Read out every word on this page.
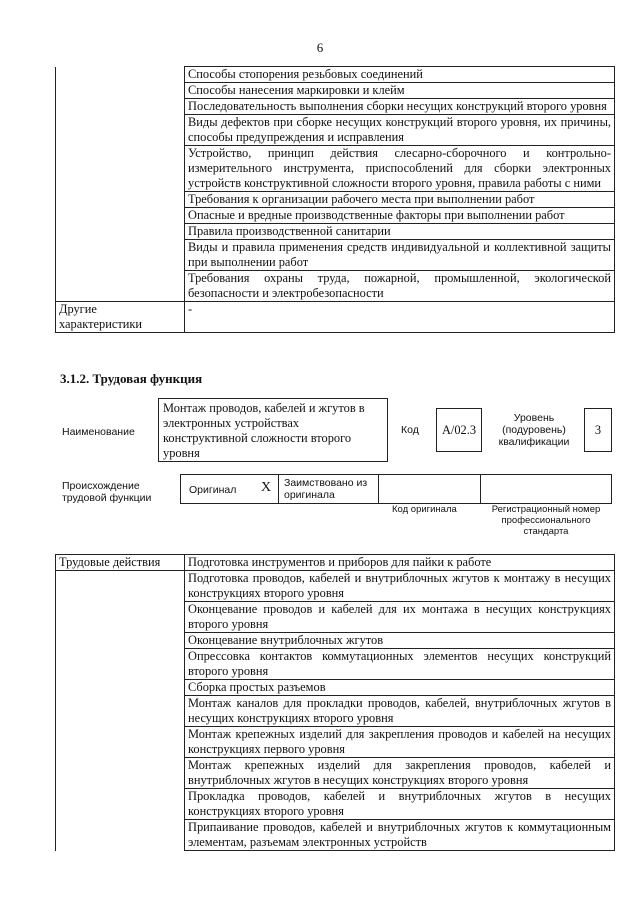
6
	Способы стопорения резьбовых соединений
	Способы нанесения маркировки и клейм
	Последовательность выполнения сборки несущих конструкций второго уровня
	Виды дефектов при сборке несущих конструкций второго уровня, их причины, способы предупреждения и исправления
	Устройство, принцип действия слесарно-сборочного и контрольно-измерительного инструмента, приспособлений для сборки электронных устройств конструктивной сложности второго уровня, правила работы с ними
	Требования к организации рабочего места при выполнении работ
	Опасные и вредные производственные факторы при выполнении работ
	Правила производственной санитарии
	Виды и правила применения средств индивидуальной и коллективной защиты при выполнении работ
	Требования охраны труда, пожарной, промышленной, экологической безопасности и электробезопасности
Другие характеристики	-
3.1.2. Трудовая функция
Наименование
Монтаж проводов, кабелей и жгутов в электронных устройствах конструктивной сложности второго уровня
Код А/02.3
Уровень (подуровень) квалификации
3
Происхождение трудовой функции
Оригинал X Заимствовано из оригинала
Код оригинала	Регистрационный номер профессионального стандарта
Трудовые действия	Подготовка инструментов и приборов для пайки к работе
	Подготовка проводов, кабелей и внутриблочных жгутов к монтажу в несущих конструкциях второго уровня
	Оконцевание проводов и кабелей для их монтажа в несущих конструкциях второго уровня
	Оконцевание внутриблочных жгутов
	Опрессовка контактов коммутационных элементов несущих конструкций второго уровня
	Сборка простых разъемов
	Монтаж каналов для прокладки проводов, кабелей, внутриблочных жгутов в несущих конструкциях второго уровня
	Монтаж крепежных изделий для закрепления проводов и кабелей на несущих конструкциях первого уровня
	Монтаж крепежных изделий для закрепления проводов, кабелей и внутриблочных жгутов в несущих конструкциях второго уровня
	Прокладка проводов, кабелей и внутриблочных жгутов в несущих конструкциях второго уровня
	Припаивание проводов, кабелей и внутриблочных жгутов к коммутационным элементам, разъемам электронных устройств
